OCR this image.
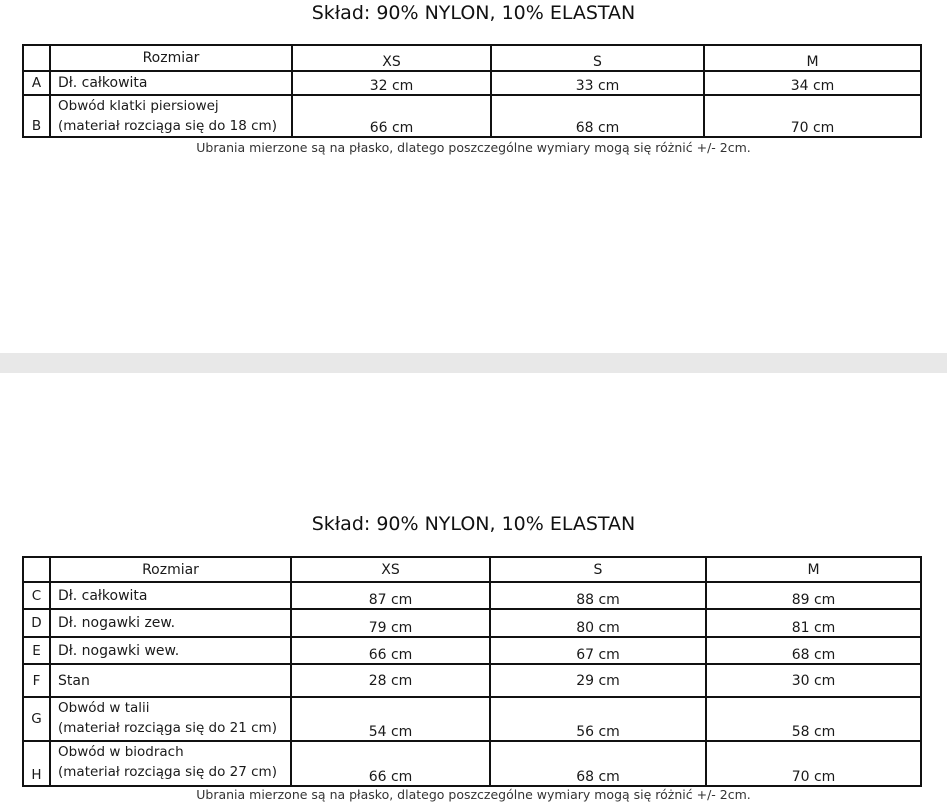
Skład: 90% NYLON, 10% ELASTAN
	Rozmiar	XS	S	M
A	Dł. całkowita	32 cm	33 cm	34 cm
B	Obwód klatki piersiowej
(materiał rozciąga się do 18 cm)	66 cm	68 cm	70 cm
Ubrania mierzone są na płasko, dlatego poszczególne wymiary mogą się różnić +/- 2cm.
Skład: 90% NYLON, 10% ELASTAN
	Rozmiar	XS	S	M
C	Dł. całkowita	87 cm	88 cm	89 cm
D	Dł. nogawki zew.	79 cm	80 cm	81 cm
E	Dł. nogawki wew.	66 cm	67 cm	68 cm
F	Stan	28 cm	29 cm	30 cm
G	Obwód w talii
(materiał rozciąga się do 21 cm)	54 cm	56 cm	58 cm
H	Obwód w biodrach
(materiał rozciąga się do 27 cm)	66 cm	68 cm	70 cm
Ubrania mierzone są na płasko, dlatego poszczególne wymiary mogą się różnić +/- 2cm.
